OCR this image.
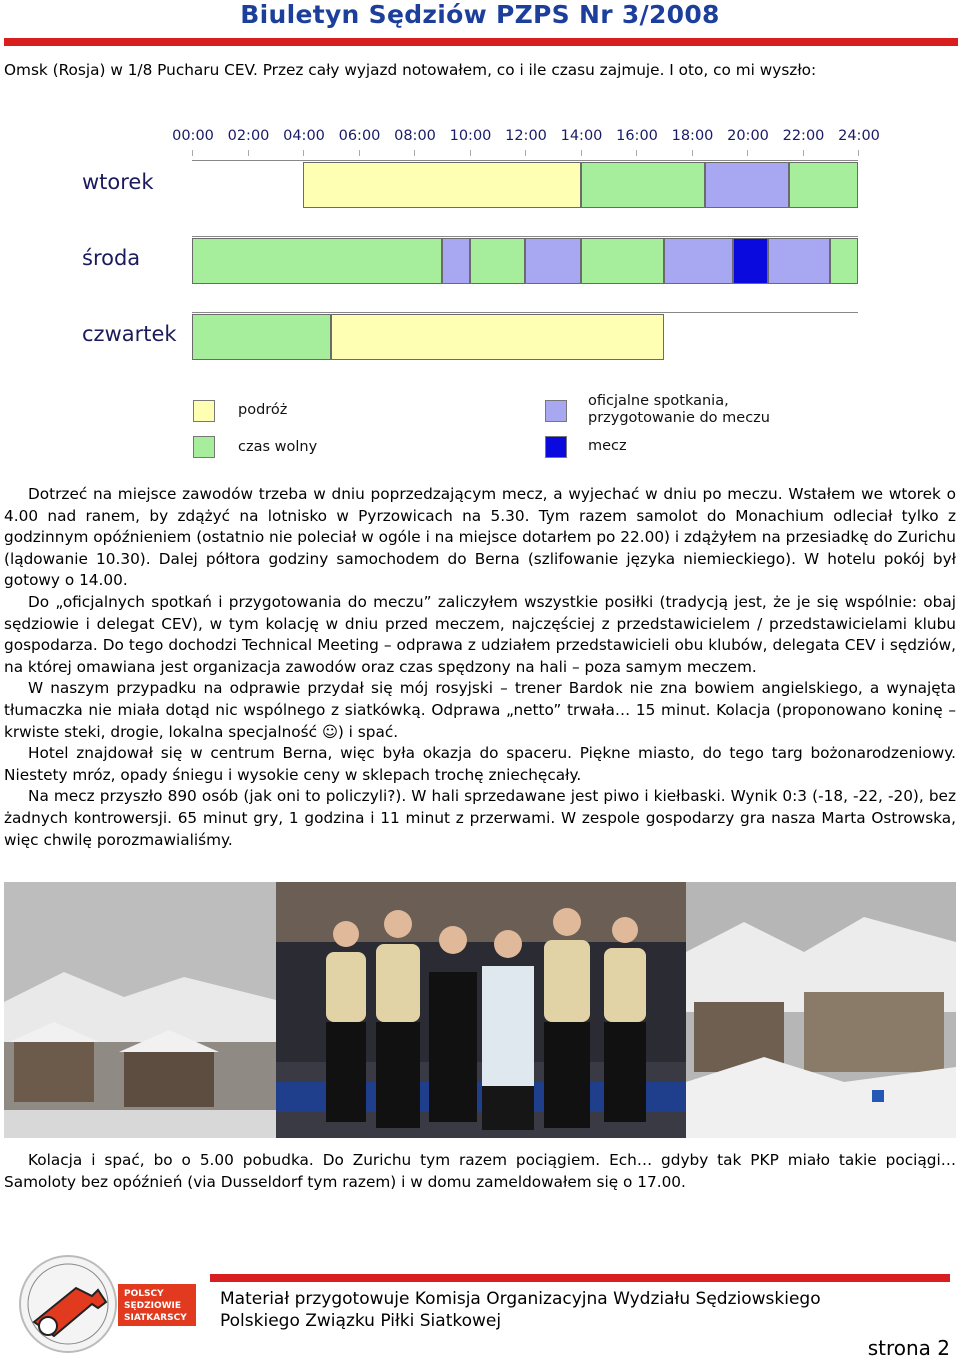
Biuletyn Sędziów PZPS Nr 3/2008

Omsk (Rosja) w 1/8 Pucharu CEV. Przez cały wyjazd notowałem, co i ile czasu zajmuje. I oto, co mi wyszło:

00:00 02:00 04:00 06:00 08:00 10:00 12:00 14:00 16:00 18:00 20:00 22:00 24:00
wtorek
środa
czwartek
podróż
czas wolny
oficjalne spotkania, przygotowanie do meczu
mecz

Dotrzeć na miejsce zawodów trzeba w dniu poprzedzającym mecz, a wyjechać w dniu po meczu. Wstałem we wtorek o 4.00 nad ranem, by zdążyć na lotnisko w Pyrzowicach na 5.30. Tym razem samolot do Monachium odleciał tylko z godzinnym opóźnieniem (ostatnio nie poleciał w ogóle i na miejsce dotarłem po 22.00) i zdążyłem na przesiadkę do Zurichu (lądowanie 10.30). Dalej półtora godziny samochodem do Berna (szlifowanie języka niemieckiego). W hotelu pokój był gotowy o 14.00.

Do „oficjalnych spotkań i przygotowania do meczu” zaliczyłem wszystkie posiłki (tradycją jest, że je się wspólnie: obaj sędziowie i delegat CEV), w tym kolację w dniu przed meczem, najczęściej z przedstawicielem / przedstawicielami klubu gospodarza. Do tego dochodzi Technical Meeting – odprawa z udziałem przedstawicieli obu klubów, delegata CEV i sędziów, na której omawiana jest organizacja zawodów oraz czas spędzony na hali – poza samym meczem.

W naszym przypadku na odprawie przydał się mój rosyjski – trener Bardok nie zna bowiem angielskiego, a wynajęta tłumaczka nie miała dotąd nic wspólnego z siatkówką. Odprawa „netto” trwała… 15 minut. Kolacja (proponowano koninę – krwiste steki, drogie, lokalna specjalność ☺) i spać.

Hotel znajdował się w centrum Berna, więc była okazja do spaceru. Piękne miasto, do tego targ bożonarodzeniowy. Niestety mróz, opady śniegu i wysokie ceny w sklepach trochę zniechęcały.

Na mecz przyszło 890 osób (jak oni to policzyli?). W hali sprzedawane jest piwo i kiełbaski. Wynik 0:3 (-18, -22, -20), bez żadnych kontrowersji. 65 minut gry, 1 godzina i 11 minut z przerwami. W zespole gospodarzy gra nasza Marta Ostrowska, więc chwilę porozmawialiśmy.

Kolacja i spać, bo o 5.00 pobudka. Do Zurichu tym razem pociągiem. Ech… gdyby tak PKP miało takie pociągi… Samoloty bez opóźnień (via Dusseldorf tym razem) i w domu zameldowałem się o 17.00.

POLSCY
SĘDZIOWIE
SIATKARSCY
Materiał przygotowuje Komisja Organizacyjna Wydziału Sędziowskiego
Polskiego Związku Piłki Siatkowej
strona 2
